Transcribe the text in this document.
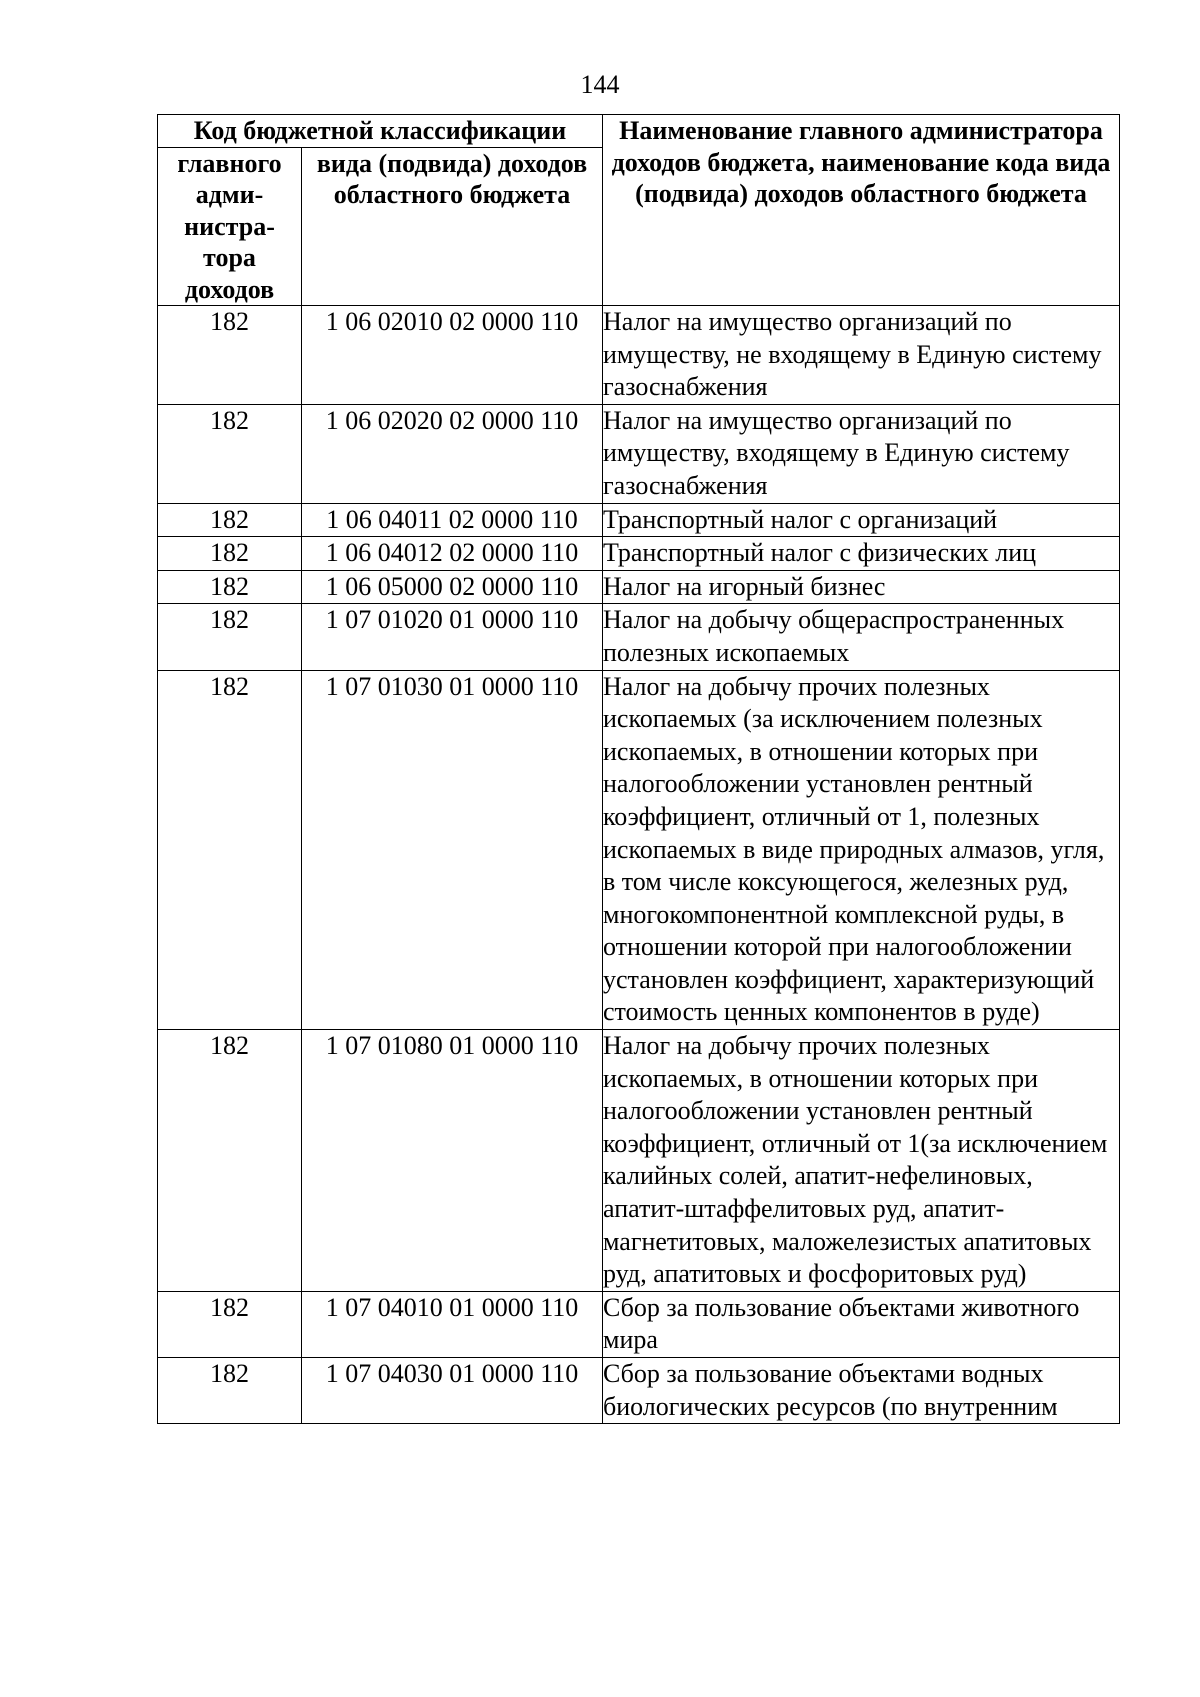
144
Код бюджетной классификации		Наименование главного администратора доходов бюджета, наименование кода вида (подвида) доходов областного бюджета
главного адми-нистра-тора доходов	вида (подвида) доходов областного бюджета	
182	1 06 02010 02 0000 110	Налог на имущество организаций по имуществу, не входящему в Единую систему газоснабжения
182	1 06 02020 02 0000 110	Налог на имущество организаций по имуществу, входящему в Единую систему газоснабжения
182	1 06 04011 02 0000 110	Транспортный налог с организаций
182	1 06 04012 02 0000 110	Транспортный налог с физических лиц
182	1 06 05000 02 0000 110	Налог на игорный бизнес
182	1 07 01020 01 0000 110	Налог на добычу общераспространенных полезных ископаемых
182	1 07 01030 01 0000 110	Налог на добычу прочих полезных ископаемых (за исключением полезных ископаемых, в отношении которых при налогообложении установлен рентный коэффициент, отличный от 1, полезных ископаемых в виде природных алмазов, угля, в том числе коксующегося, железных руд, многокомпонентной комплексной руды, в отношении которой при налогообложении установлен коэффициент, характеризующий стоимость ценных компонентов в руде)
182	1 07 01080 01 0000 110	Налог на добычу прочих полезных ископаемых, в отношении которых при налогообложении установлен рентный коэффициент, отличный от 1(за исключением калийных солей, апатит-нефелиновых, апатит-штаффелитовых руд, апатит-магнетитовых, маложелезистых апатитовых руд, апатитовых и фосфоритовых руд)
182	1 07 04010 01 0000 110	Сбор за пользование объектами животного мира
182	1 07 04030 01 0000 110	Сбор за пользование объектами водных биологических ресурсов (по внутренним
